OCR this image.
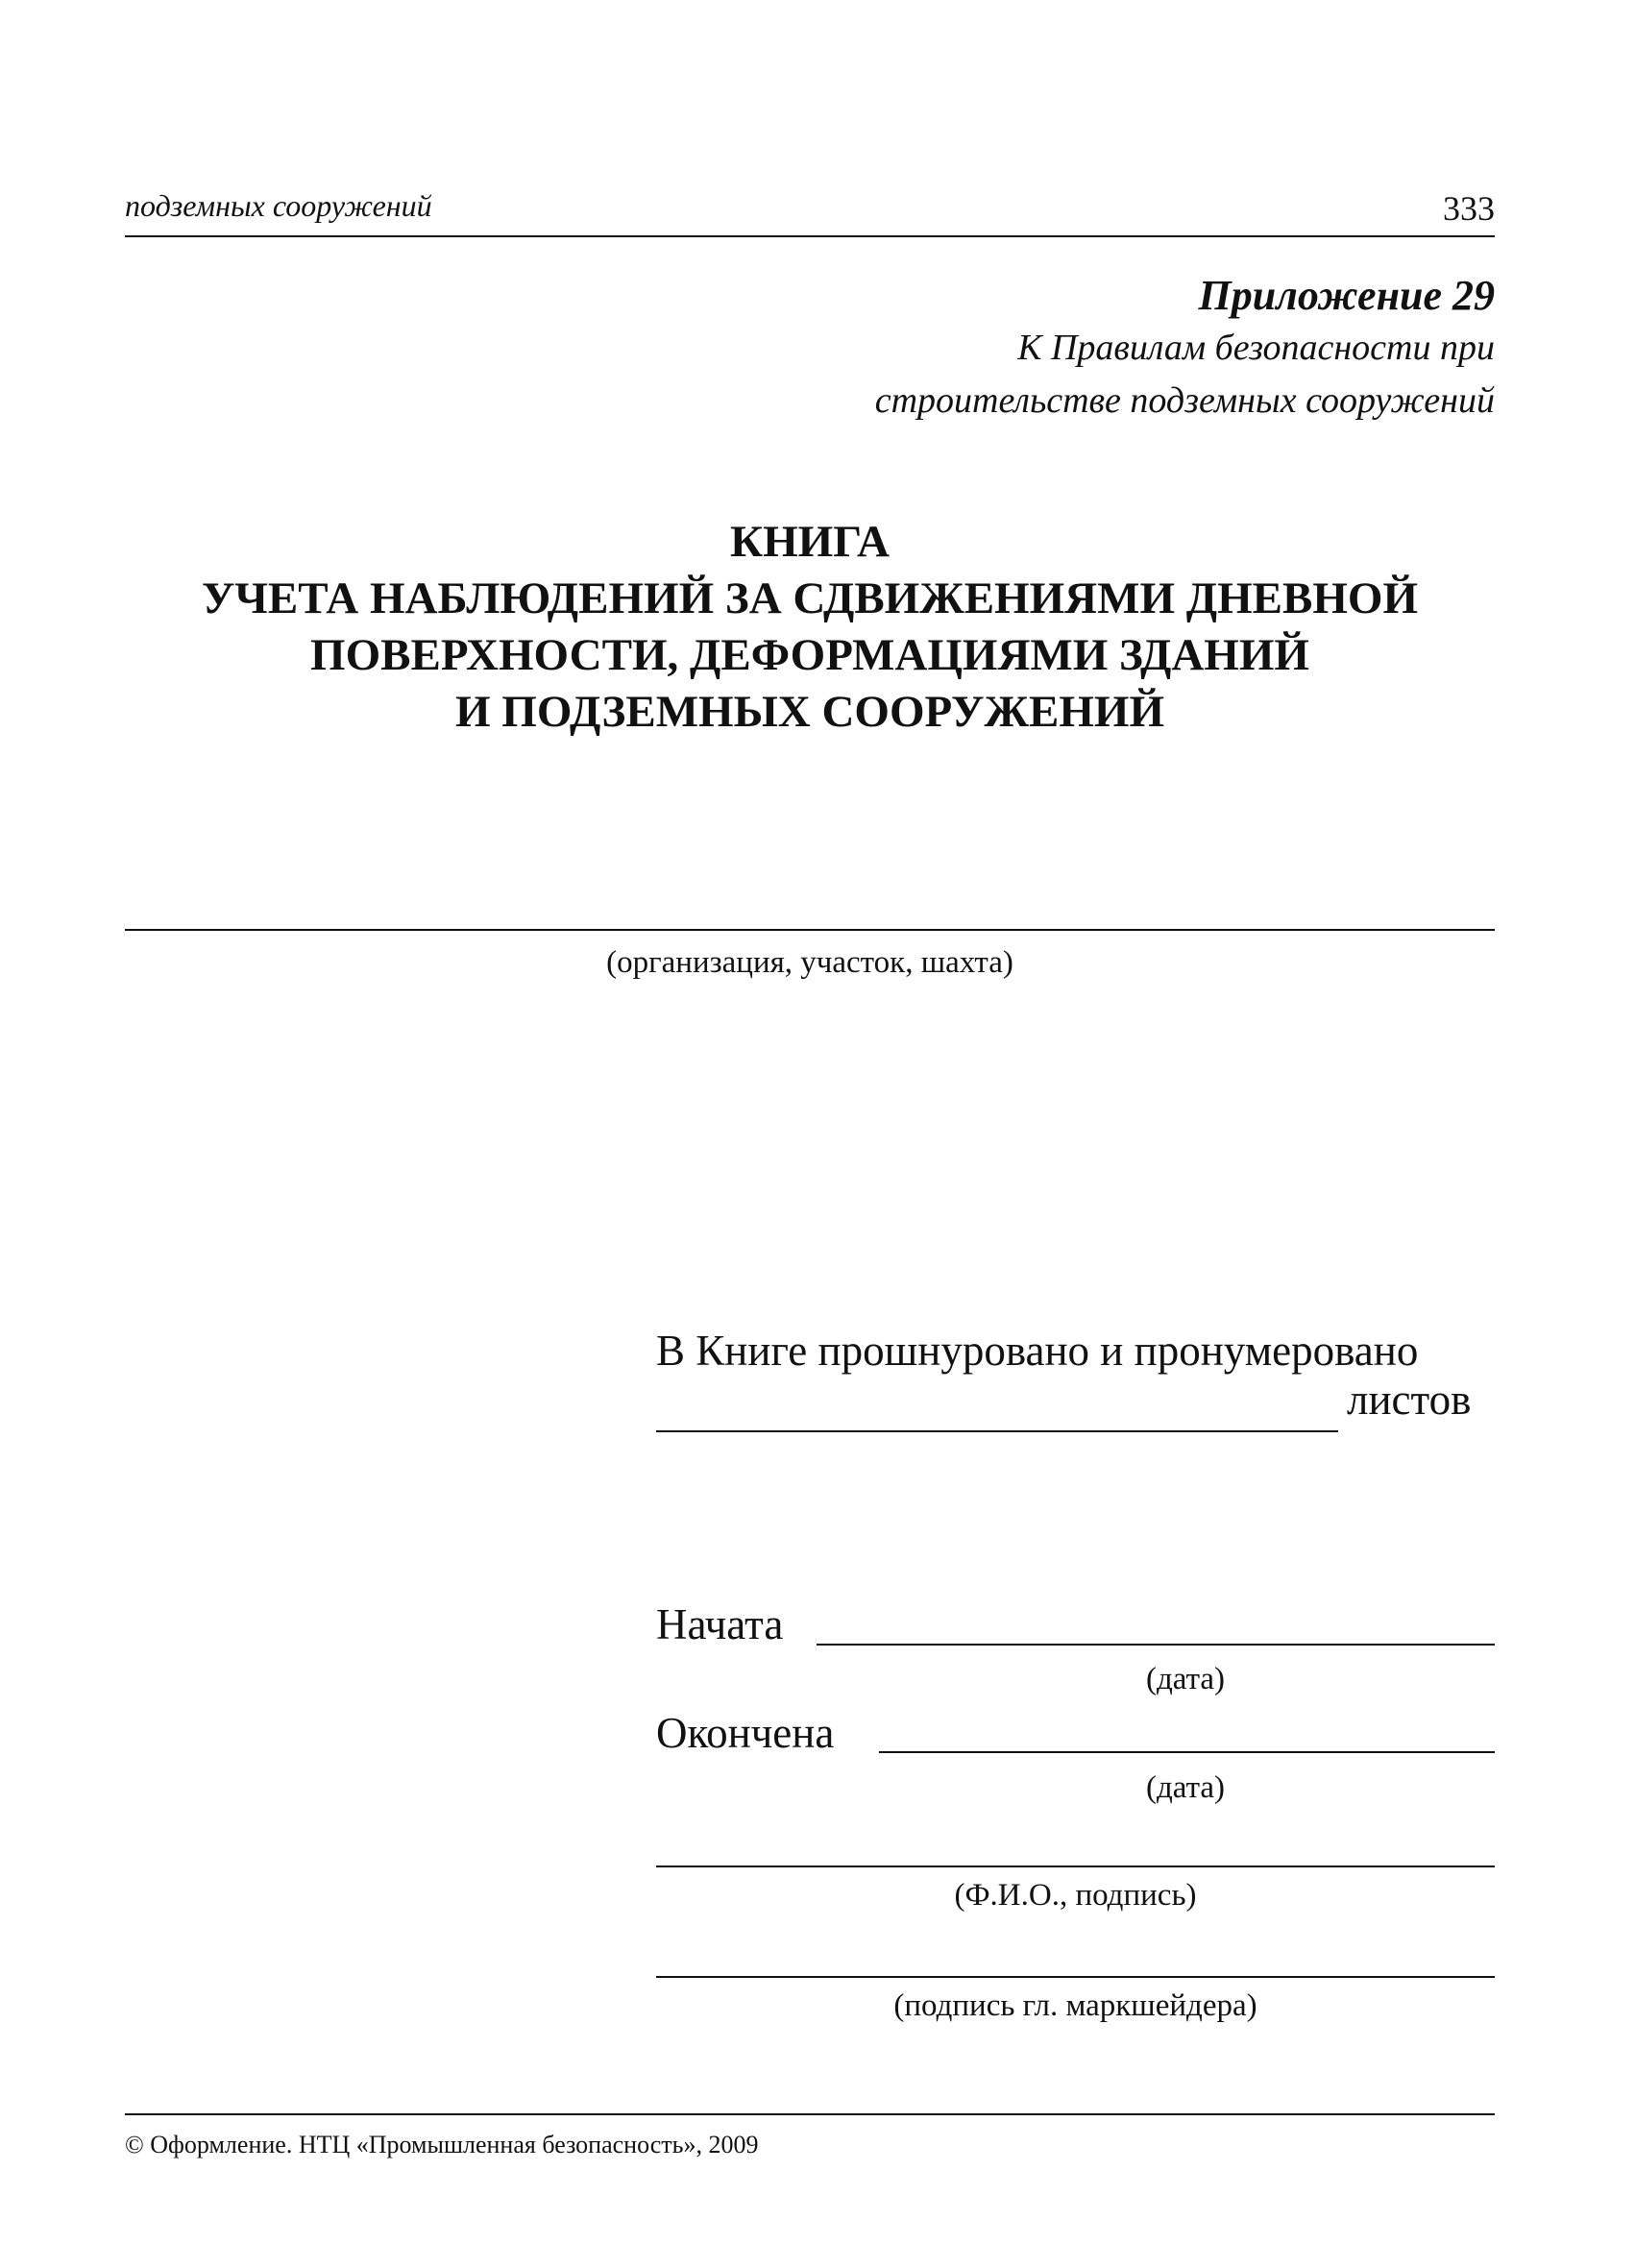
подземных сооружений	333
Приложение 29
К Правилам безопасности при
строительстве подземных сооружений
КНИГА
УЧЕТА НАБЛЮДЕНИЙ ЗА СДВИЖЕНИЯМИ ДНЕВНОЙ
ПОВЕРХНОСТИ, ДЕФОРМАЦИЯМИ ЗДАНИЙ
И ПОДЗЕМНЫХ СООРУЖЕНИЙ
(организация, участок, шахта)
В Книге прошнуровано и пронумеровано
листов
Начата
(дата)
Окончена
(дата)
(Ф.И.О., подпись)
(подпись гл. маркшейдера)
© Оформление. НТЦ «Промышленная безопасность», 2009
